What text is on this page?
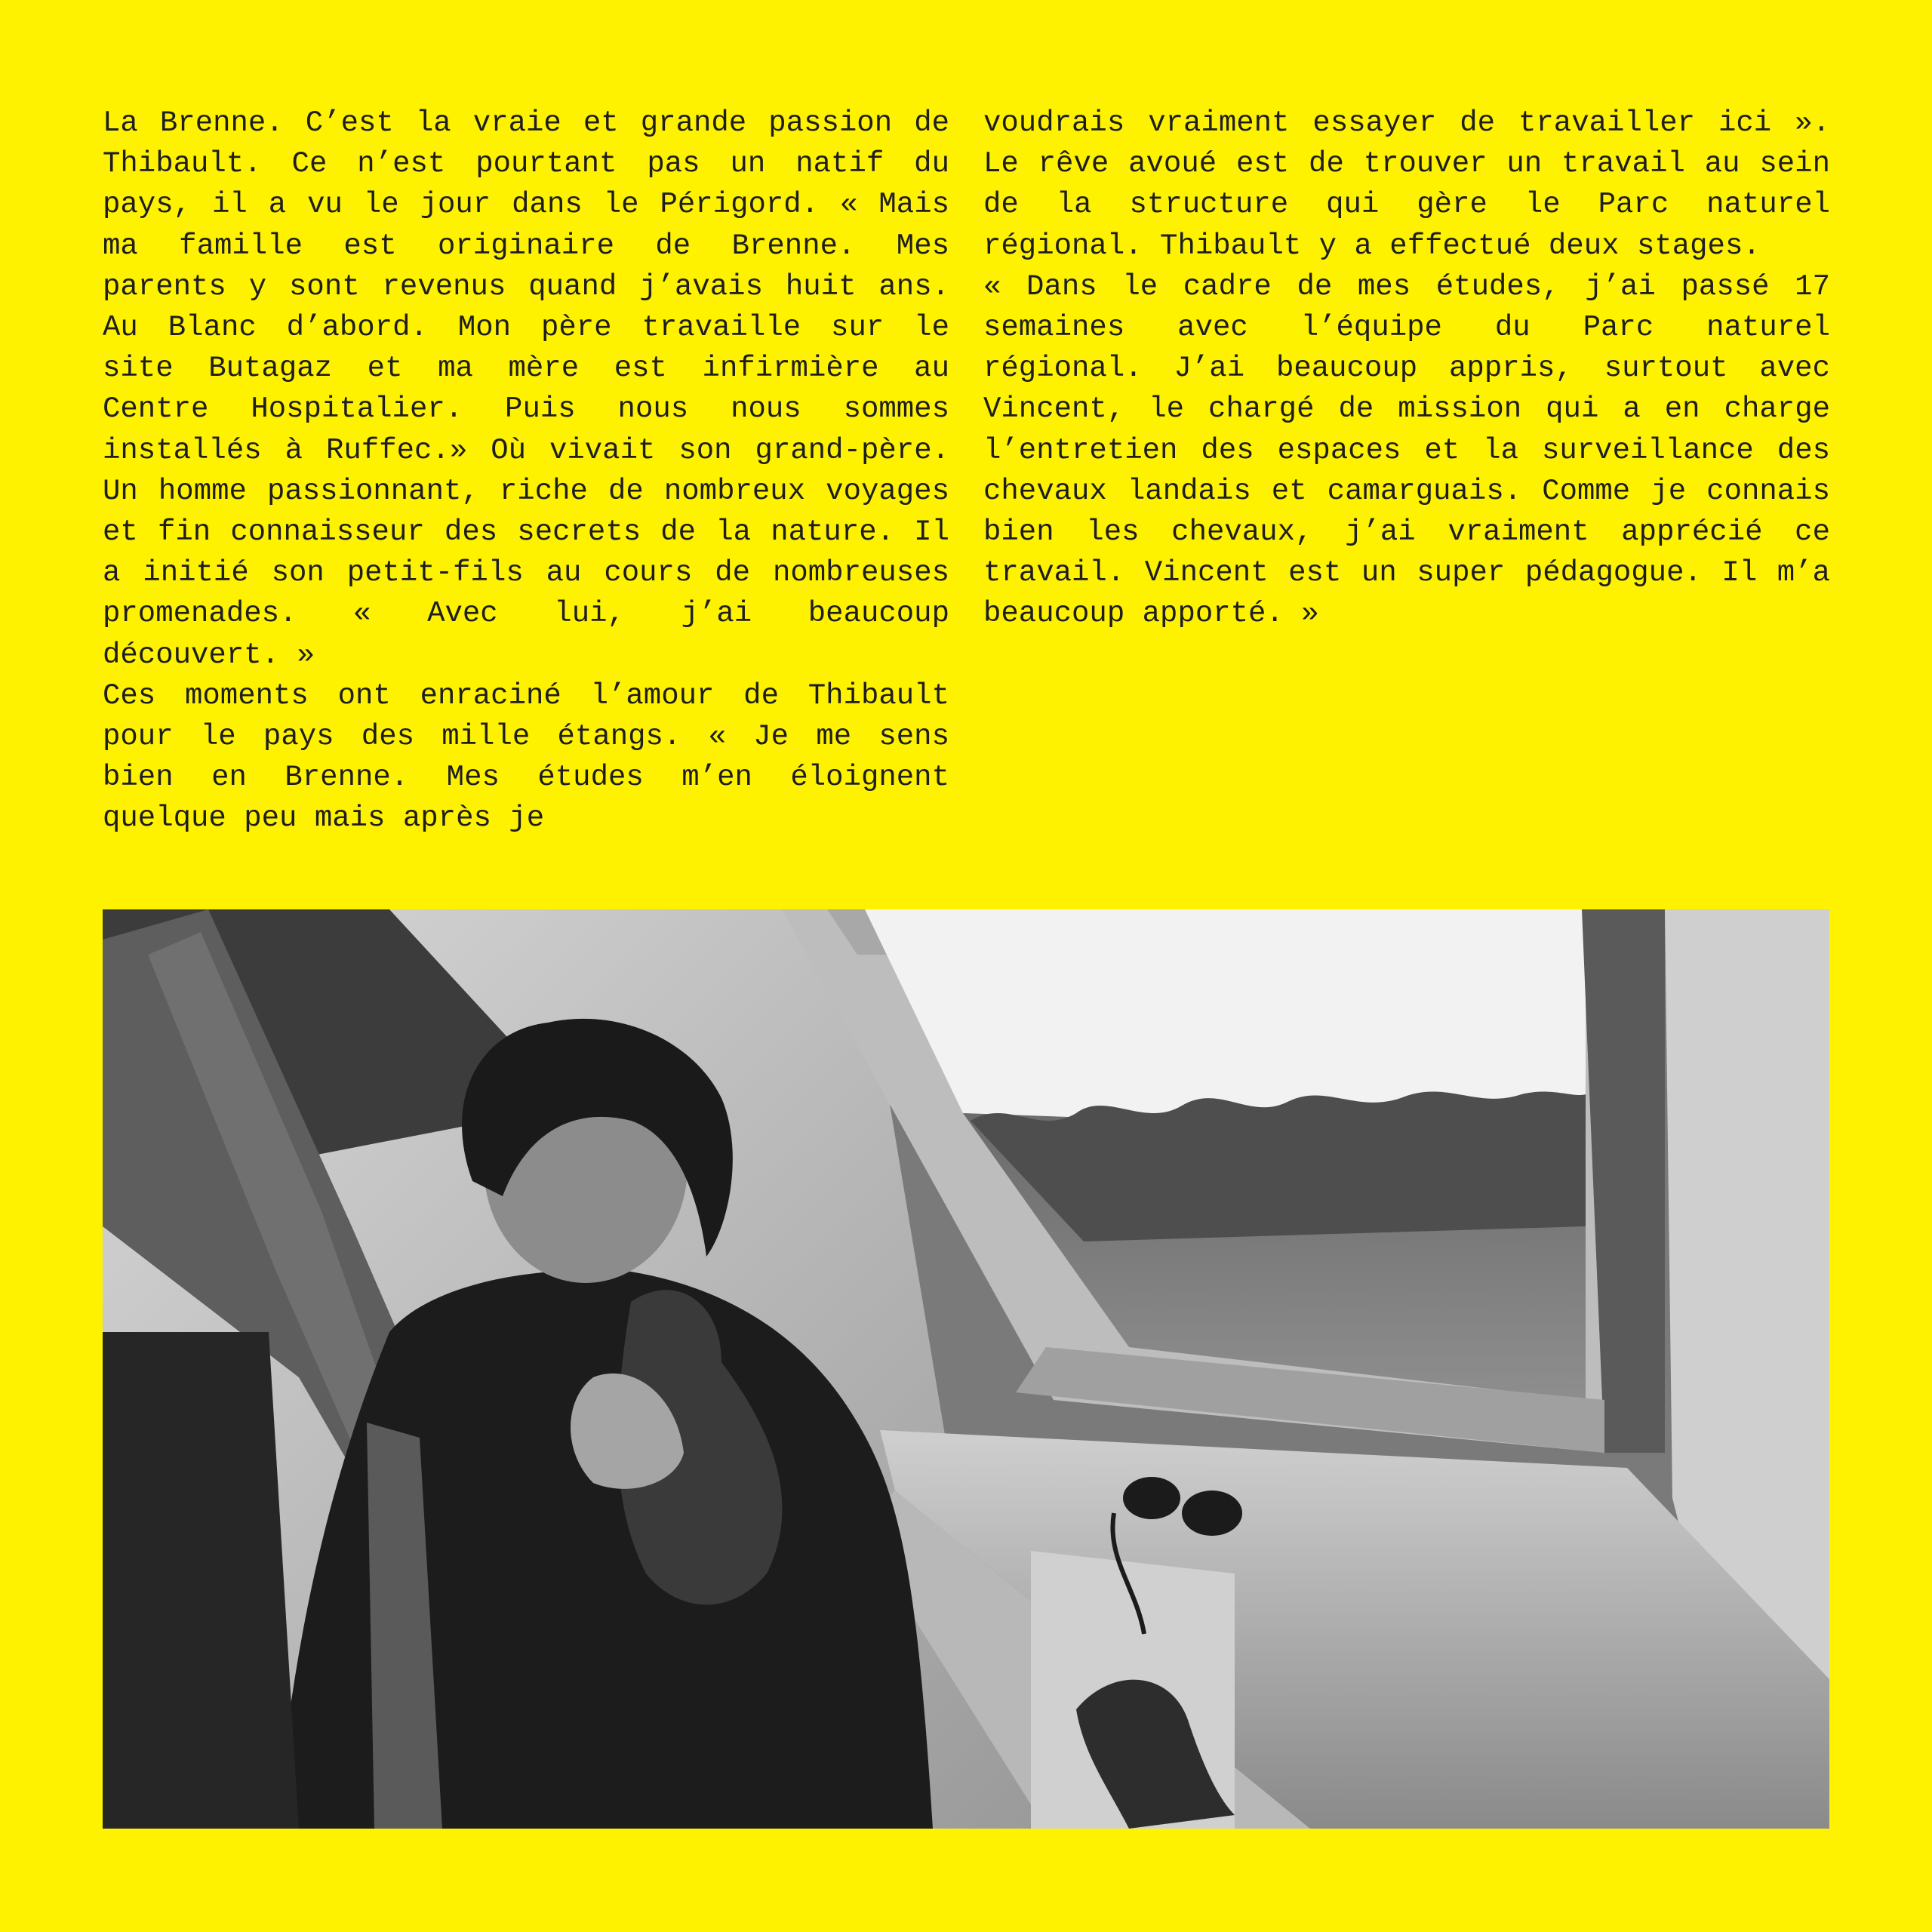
La Brenne. C’est la vraie et grande passion de Thibault. Ce n’est pourtant pas un natif du pays, il a vu le jour dans le Périgord. « Mais ma famille est originaire de Brenne. Mes parents y sont revenus quand j’avais huit ans. Au Blanc d’abord. Mon père travaille sur le site Butagaz et ma mère est infirmière au Centre Hospitalier. Puis nous nous sommes installés à Ruffec.» Où vivait son grand-père. Un homme passionnant, riche de nombreux voyages et fin connaisseur des secrets de la nature. Il a initié son petit-fils au cours de nombreuses promenades. « Avec lui, j’ai beaucoup découvert. »

Ces moments ont enraciné l’amour de Thibault pour le pays des mille étangs. « Je me sens bien en Brenne. Mes études m’en éloignent quelque peu mais après je

voudrais vraiment essayer de travailler ici ». Le rêve avoué est de trouver un travail au sein de la structure qui gère le Parc naturel régional. Thibault y a effectué deux stages.

« Dans le cadre de mes études, j’ai passé 17 semaines avec l’équipe du Parc naturel régional. J’ai beaucoup appris, surtout avec Vincent, le chargé de mission qui a en charge l’entretien des espaces et la surveillance des chevaux landais et camarguais. Comme je connais bien les chevaux, j’ai vraiment apprécié ce travail. Vincent est un super pédagogue. Il m’a beaucoup apporté. »
